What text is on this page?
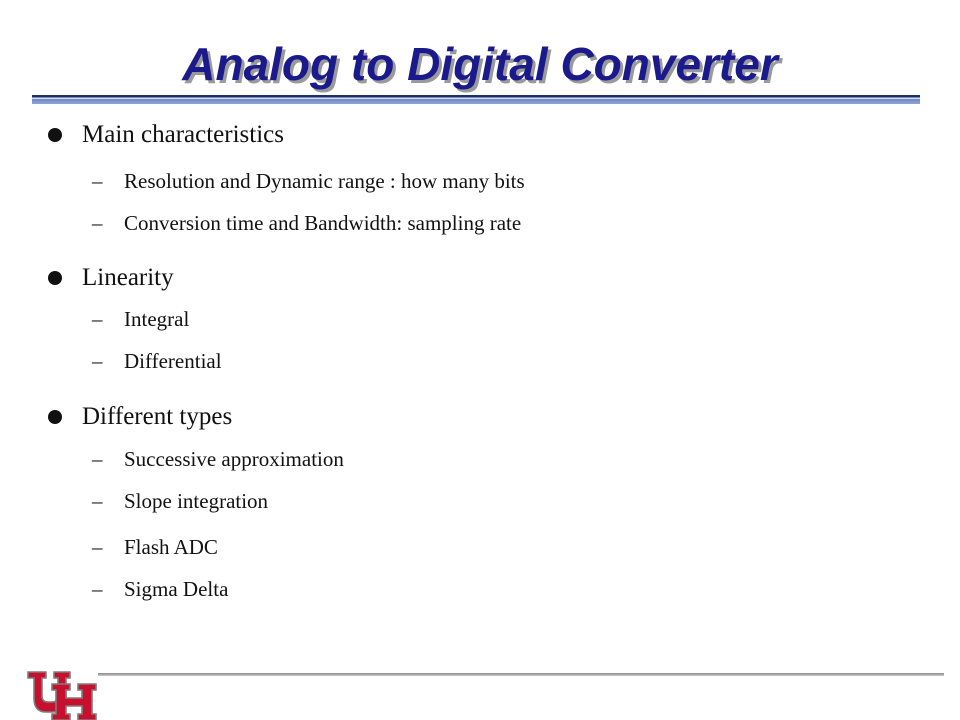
Analog to Digital Converter
Main characteristics
– Resolution and Dynamic range : how many bits
– Conversion time and Bandwidth: sampling rate
Linearity
– Integral
– Differential
Different types
– Successive approximation
– Slope integration
– Flash ADC
– Sigma Delta
